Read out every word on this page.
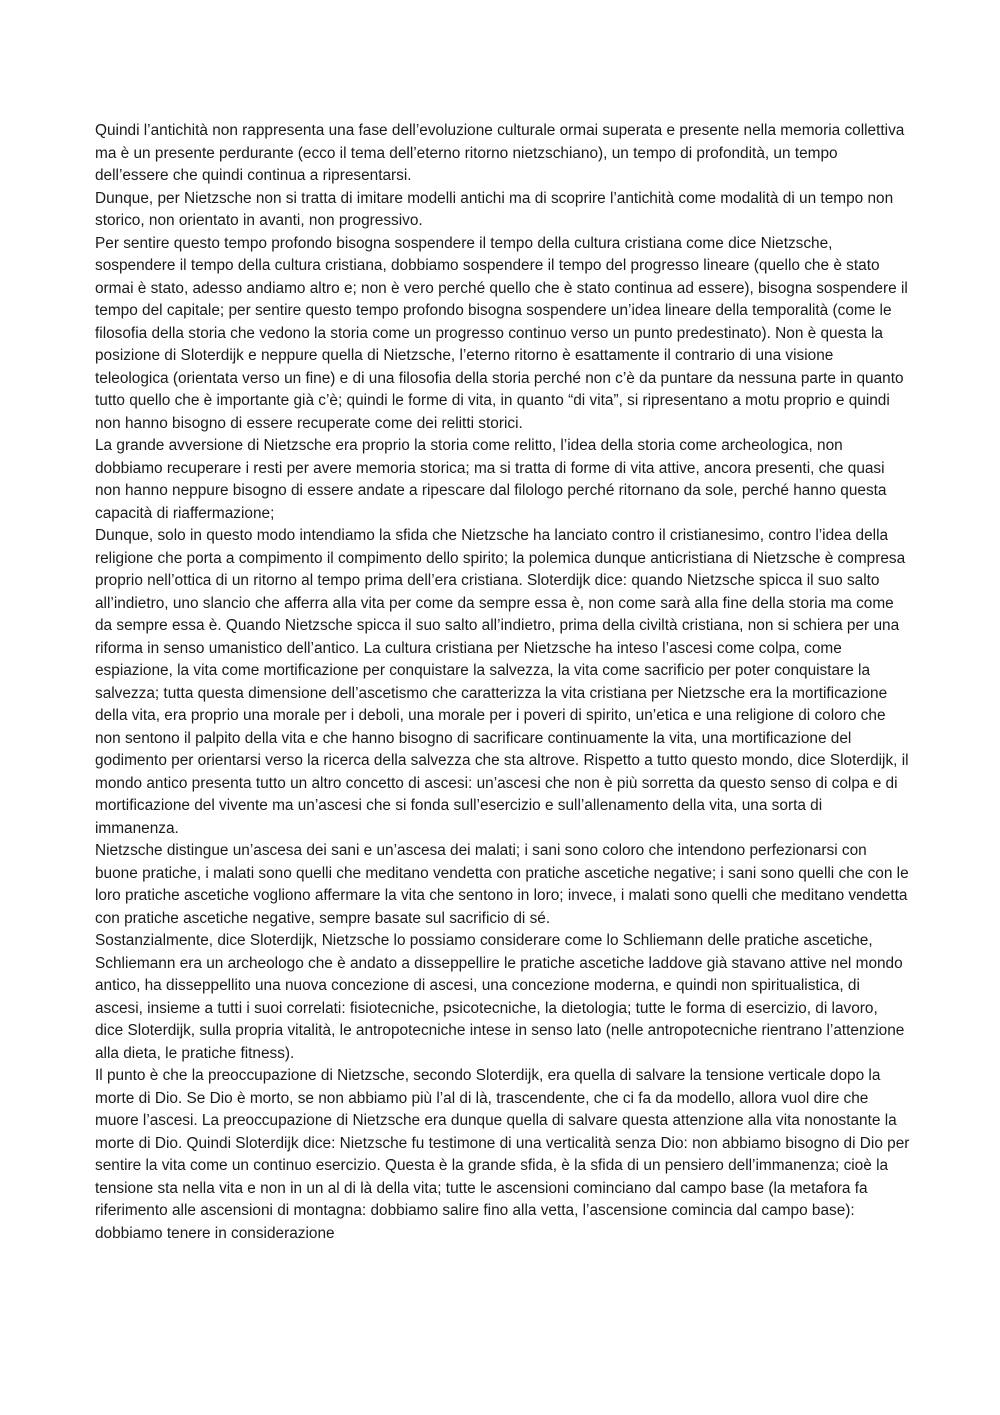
Quindi l’antichità non rappresenta una fase dell’evoluzione culturale ormai superata e presente nella memoria collettiva ma è un presente perdurante (ecco il tema dell’eterno ritorno nietzschiano), un tempo di profondità, un tempo dell’essere che quindi continua a ripresentarsi.

Dunque, per Nietzsche non si tratta di imitare modelli antichi ma di scoprire l’antichità come modalità di un tempo non storico, non orientato in avanti, non progressivo.

Per sentire questo tempo profondo bisogna sospendere il tempo della cultura cristiana come dice Nietzsche, sospendere il tempo della cultura cristiana, dobbiamo sospendere il tempo del progresso lineare (quello che è stato ormai è stato, adesso andiamo altro e; non è vero perché quello che è stato continua ad essere), bisogna sospendere il tempo del capitale; per sentire questo tempo profondo bisogna sospendere un’idea lineare della temporalità (come le filosofia della storia che vedono la storia come un progresso continuo verso un punto predestinato). Non è questa la posizione di Sloterdijk e neppure quella di Nietzsche, l’eterno ritorno è esattamente il contrario di una visione teleologica (orientata verso un fine) e di una filosofia della storia perché non c’è da puntare da nessuna parte in quanto tutto quello che è importante già c’è; quindi le forme di vita, in quanto “di vita”, si ripresentano a motu proprio e quindi non hanno bisogno di essere recuperate come dei relitti storici.

La grande avversione di Nietzsche era proprio la storia come relitto, l’idea della storia come archeologica, non dobbiamo recuperare i resti per avere memoria storica; ma si tratta di forme di vita attive, ancora presenti, che quasi non hanno neppure bisogno di essere andate a ripescare dal filologo perché ritornano da sole, perché hanno questa capacità di riaffermazione;

Dunque, solo in questo modo intendiamo la sfida che Nietzsche ha lanciato contro il cristianesimo, contro l’idea della religione che porta a compimento il compimento dello spirito; la polemica dunque anticristiana di Nietzsche è compresa proprio nell’ottica di un ritorno al tempo prima dell’era cristiana. Sloterdijk dice: quando Nietzsche spicca il suo salto all’indietro, uno slancio che afferra alla vita per come da sempre essa è, non come sarà alla fine della storia ma come da sempre essa è. Quando Nietzsche spicca il suo salto all’indietro, prima della civiltà cristiana, non si schiera per una riforma in senso umanistico dell’antico. La cultura cristiana per Nietzsche ha inteso l’ascesi come colpa, come espiazione, la vita come mortificazione per conquistare la salvezza, la vita come sacrificio per poter conquistare la salvezza; tutta questa dimensione dell’ascetismo che caratterizza la vita cristiana per Nietzsche era la mortificazione della vita, era proprio una morale per i deboli, una morale per i poveri di spirito, un’etica e una religione di coloro che non sentono il palpito della vita e che hanno bisogno di sacrificare continuamente la vita, una mortificazione del godimento per orientarsi verso la ricerca della salvezza che sta altrove. Rispetto a tutto questo mondo, dice Sloterdijk, il mondo antico presenta tutto un altro concetto di ascesi: un’ascesi che non è più sorretta da questo senso di colpa e di mortificazione del vivente ma un’ascesi che si fonda sull’esercizio e sull’allenamento della vita, una sorta di immanenza.

Nietzsche distingue un’ascesa dei sani e un’ascesa dei malati; i sani sono coloro che intendono perfezionarsi con buone pratiche, i malati sono quelli che meditano vendetta con pratiche ascetiche negative; i sani sono quelli che con le loro pratiche ascetiche vogliono affermare la vita che sentono in loro; invece, i malati sono quelli che meditano vendetta con pratiche ascetiche negative, sempre basate sul sacrificio di sé.

Sostanzialmente, dice Sloterdijk, Nietzsche lo possiamo considerare come lo Schliemann delle pratiche ascetiche, Schliemann era un archeologo che è andato a disseppellire le pratiche ascetiche laddove già stavano attive nel mondo antico, ha disseppellito una nuova concezione di ascesi, una concezione moderna, e quindi non spiritualistica, di ascesi, insieme a tutti i suoi correlati: fisiotecniche, psicotecniche, la dietologia; tutte le forma di esercizio, di lavoro, dice Sloterdijk, sulla propria vitalità, le antropotecniche intese in senso lato (nelle antropotecniche rientrano l’attenzione alla dieta, le pratiche fitness).

Il punto è che la preoccupazione di Nietzsche, secondo Sloterdijk, era quella di salvare la tensione verticale dopo la morte di Dio. Se Dio è morto, se non abbiamo più l’al di là, trascendente, che ci fa da modello, allora vuol dire che muore l’ascesi. La preoccupazione di Nietzsche era dunque quella di salvare questa attenzione alla vita nonostante la morte di Dio. Quindi Sloterdijk dice: Nietzsche fu testimone di una verticalità senza Dio: non abbiamo bisogno di Dio per sentire la vita come un continuo esercizio. Questa è la grande sfida, è la sfida di un pensiero dell’immanenza; cioè la tensione sta nella vita e non in un al di là della vita; tutte le ascensioni cominciano dal campo base (la metafora fa riferimento alle ascensioni di montagna: dobbiamo salire fino alla vetta, l’ascensione comincia dal campo base): dobbiamo tenere in considerazione
